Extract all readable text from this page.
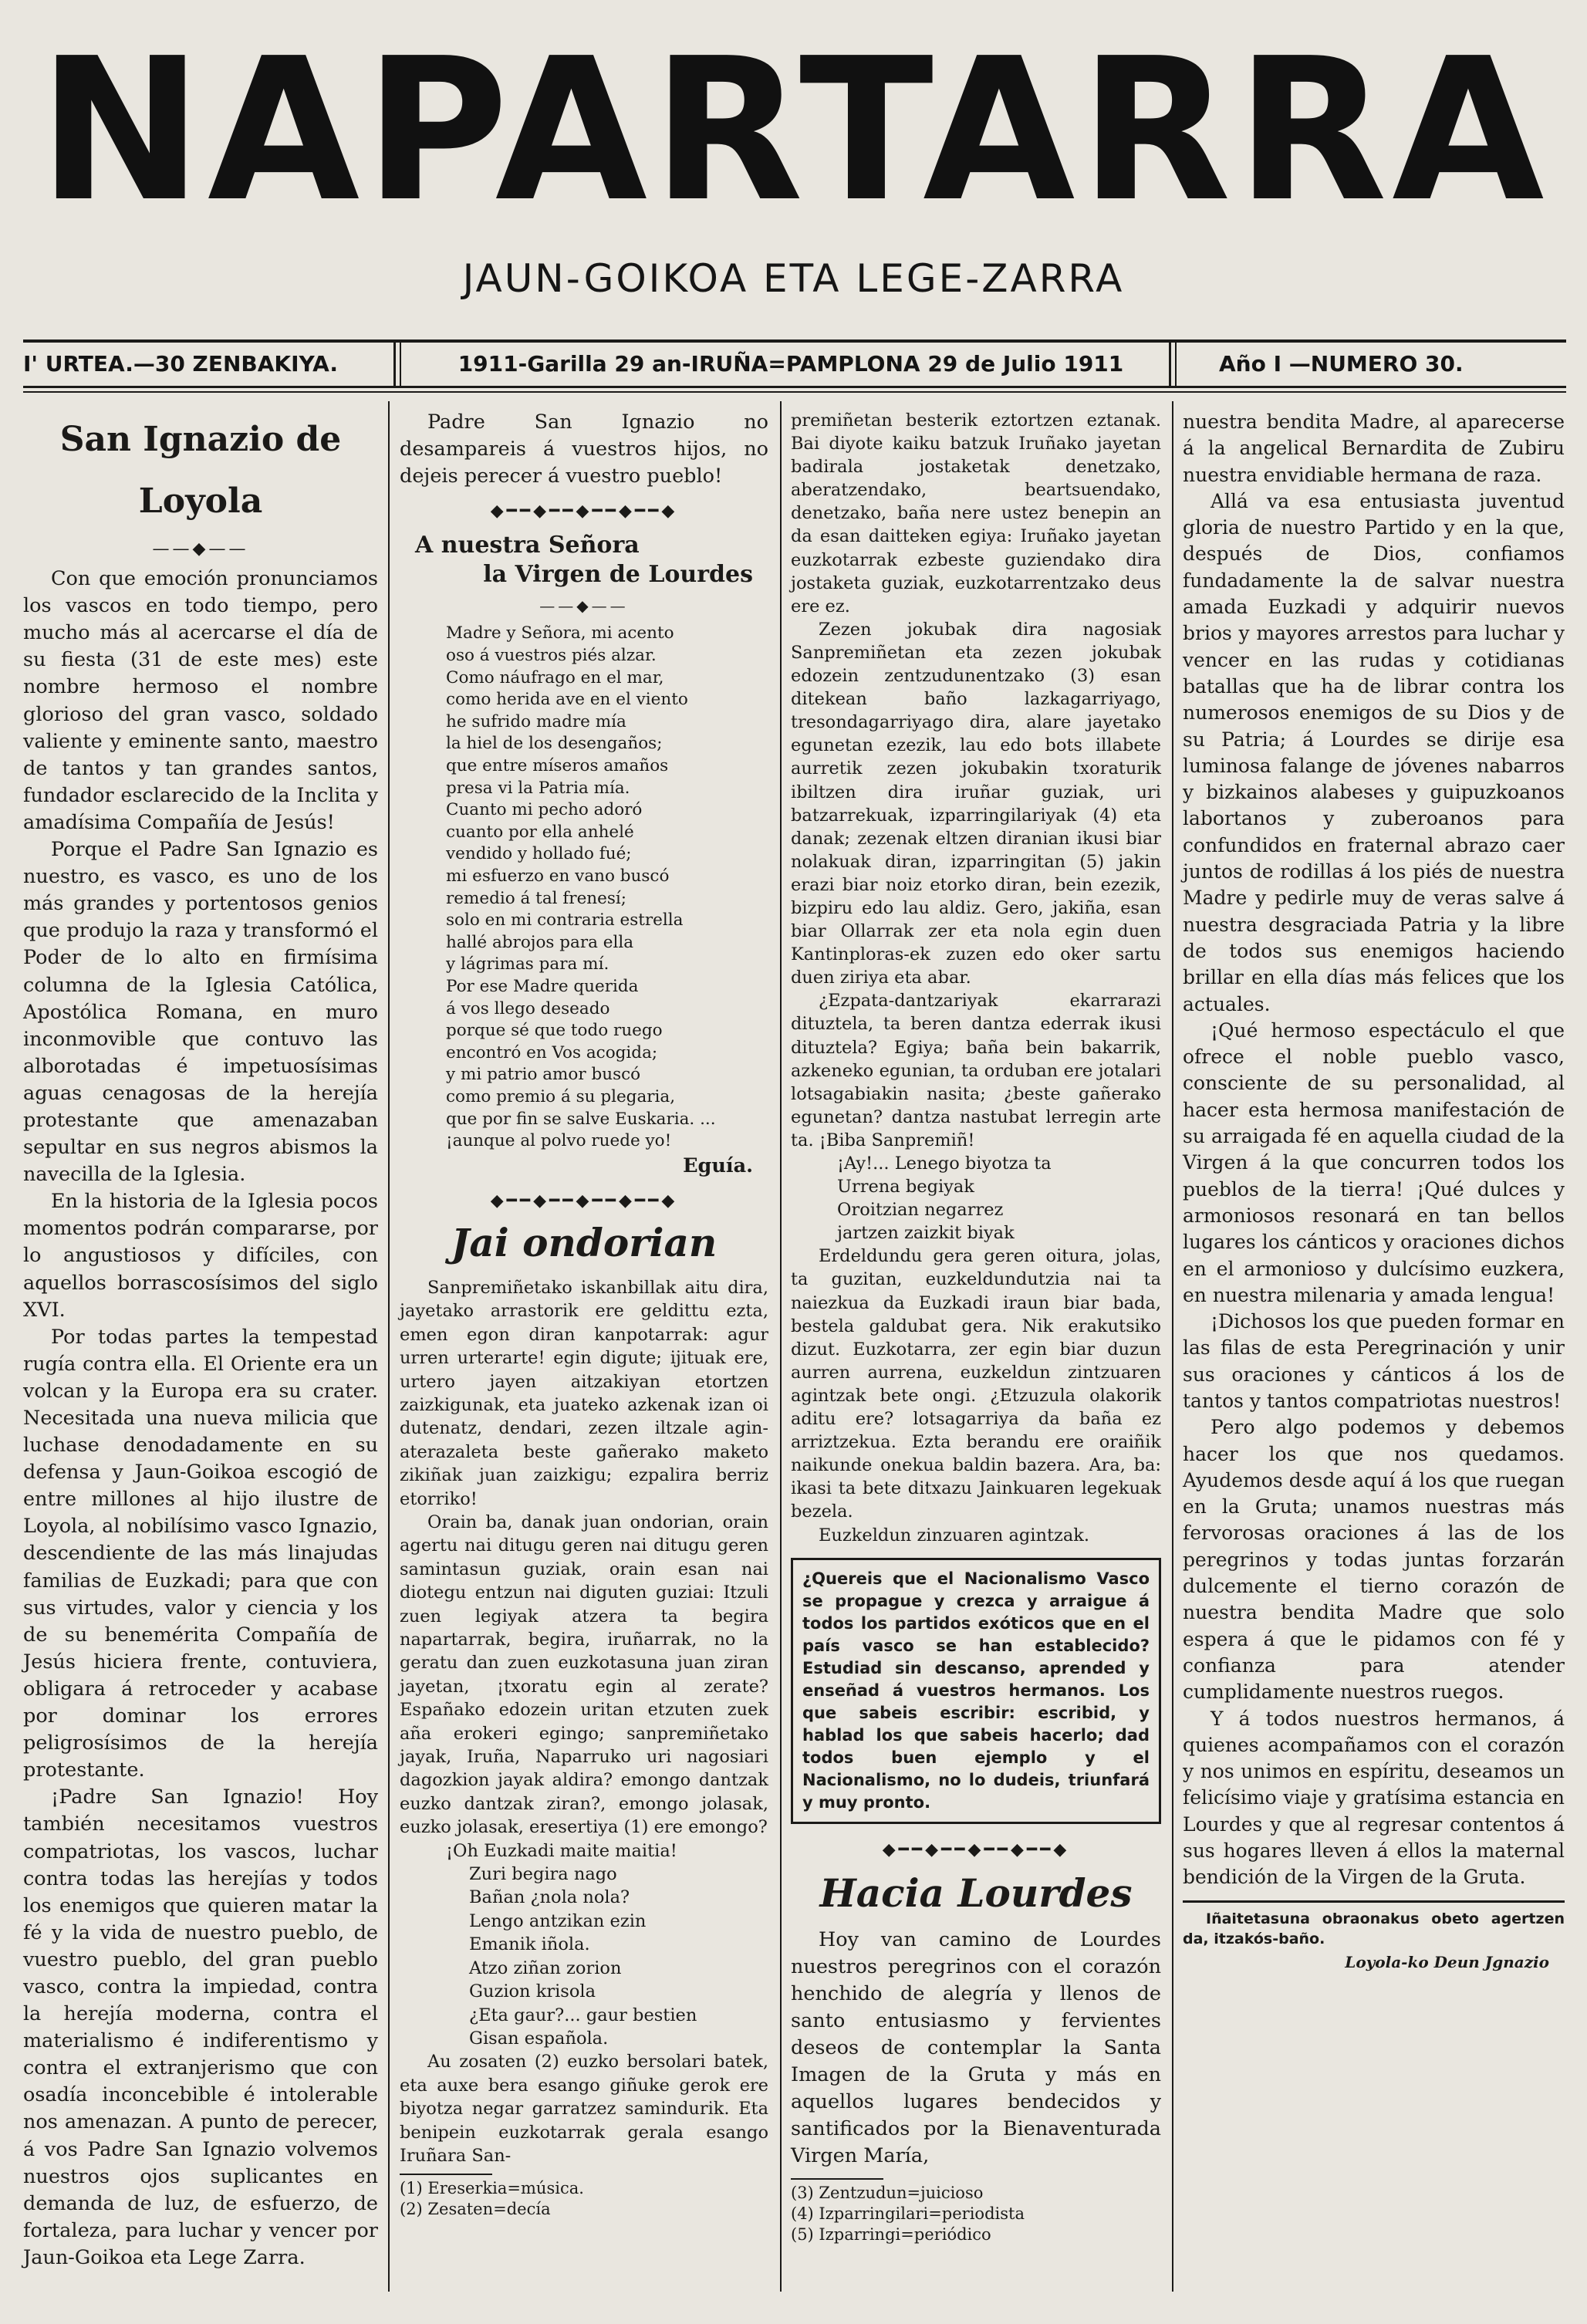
NAPARTARRA
JAUN-GOIKOA ETA LEGE-ZARRA
I' URTEA.—30 ZENBAKIYA.	1911-Garilla 29 an-IRUÑA=PAMPLONA 29 de Julio 1911	Año I —NUMERO 30.
San Ignazio de Loyola
——◆——

Con que emoción pronunciamos los vascos en todo tiempo, pero mucho más al acercarse el día de su fiesta (31 de este mes) este nombre hermoso el nombre glorioso del gran vasco, soldado valiente y eminente santo, maestro de tantos y tan grandes santos, fundador esclarecido de la Inclita y amadísima Compañía de Jesús!

Porque el Padre San Ignazio es nuestro, es vasco, es uno de los más grandes y portentosos genios que produjo la raza y transformó el Poder de lo alto en firmísima columna de la Iglesia Católica, Apostólica Romana, en muro inconmovible que contuvo las alborotadas é impetuosísimas aguas cenagosas de la herejía protestante que amenazaban sepultar en sus negros abismos la navecilla de la Iglesia.

En la historia de la Iglesia pocos momentos podrán compararse, por lo angustiosos y difíciles, con aquellos borrascosísimos del siglo XVI.

Por todas partes la tempestad rugía contra ella. El Oriente era un volcan y la Europa era su crater. Necesitada una nueva milicia que luchase denodadamente en su defensa y Jaun-Goikoa escogió de entre millones al hijo ilustre de Loyola, al nobilísimo vasco Ignazio, descendiente de las más linajudas familias de Euzkadi; para que con sus virtudes, valor y ciencia y los de su benemérita Compañía de Jesús hiciera frente, contuviera, obligara á retroceder y acabase por dominar los errores peligrosísimos de la herejía protestante.

¡Padre San Ignazio! Hoy también necesitamos vuestros compatriotas, los vascos, luchar contra todas las herejías y todos los enemigos que quieren matar la fé y la vida de nuestro pueblo, de vuestro pueblo, del gran pueblo vasco, contra la impiedad, contra la herejía moderna, contra el materialismo é indiferentismo y contra el extranjerismo que con osadía inconcebible é intolerable nos amenazan. A punto de perecer, á vos Padre San Ignazio volvemos nuestros ojos suplicantes en demanda de luz, de esfuerzo, de fortaleza, para luchar y vencer por Jaun-Goikoa eta Lege Zarra.

Padre San Ignazio no desampareis á vuestros hijos, no dejeis perecer á vuestro pueblo!

◆━━◆━━◆━━◆━━◆
A nuestra Señora
la Virgen de Lourdes
——◆——

Madre y Señora, mi acento

oso á vuestros piés alzar.

Como náufrago en el mar,

como herida ave en el viento

he sufrido madre mía

la hiel de los desengaños;

que entre míseros amaños

presa vi la Patria mía.

Cuanto mi pecho adoró

cuanto por ella anhelé

vendido y hollado fué;

mi esfuerzo en vano buscó

remedio á tal frenesí;

solo en mi contraria estrella

hallé abrojos para ella

y lágrimas para mí.

Por ese Madre querida

á vos llego deseado

porque sé que todo ruego

encontró en Vos acogida;

y mi patrio amor buscó

como premio á su plegaria,

que por fin se salve Euskaria. ...

¡aunque al polvo ruede yo!

Eguía.

◆━━◆━━◆━━◆━━◆
Jai ondorian

Sanpremiñetako iskanbillak aitu dira, jayetako arrastorik ere geldittu ezta, emen egon diran kanpotarrak: agur urren urterarte! egin digute; ijituak ere, urtero jayen aitzakiyan etortzen zaizkigunak, eta juateko azkenak izan oi dutenatz, dendari, zezen iltzale agin-aterazaleta beste gañerako maketo zikiñak juan zaizkigu; ezpalira berriz etorriko!

Orain ba, danak juan ondorian, orain agertu nai ditugu geren nai ditugu geren samintasun guziak, orain esan nai diotegu entzun nai diguten guziai: Itzuli zuen legiyak atzera ta begira napartarrak, begira, iruñarrak, no la geratu dan zuen euzkotasuna juan ziran jayetan, ¡txoratu egin al zerate? Españako edozein uritan etzuten zuek aña erokeri egingo; sanpremiñetako jayak, Iruña, Naparruko uri nagosiari dagozkion jayak aldira? emongo dantzak euzko dantzak ziran?, emongo jolasak, euzko jolasak, eresertiya (1) ere emongo?

¡Oh Euzkadi maite maitia!

Zuri begira nago

Bañan ¿nola nola?

Lengo antzikan ezin

Emanik iñola.

Atzo ziñan zorion

Guzion krisola

¿Eta gaur?... gaur bestien

Gisan española.

Au zosaten (2) euzko bersolari batek, eta auxe bera esango giñuke gerok ere biyotza negar garratzez samindurik. Eta benipein euzkotarrak gerala esango Iruñara San-

(1) Ereserkia=música.

(2) Zesaten=decía

premiñetan besterik eztortzen eztanak. Bai diyote kaiku batzuk Iruñako jayetan badirala jostaketak denetzako, aberatzendako, beartsuendako, denetzako, baña nere ustez benepin an da esan daitteken egiya: Iruñako jayetan euzkotarrak ezbeste guziendako dira jostaketa guziak, euzkotarrentzako deus ere ez.

Zezen jokubak dira nagosiak Sanpremiñetan eta zezen jokubak edozein zentzudunentzako (3) esan ditekean baño lazkagarriyago, tresondagarriyago dira, alare jayetako egunetan ezezik, lau edo bots illabete aurretik zezen jokubakin txoraturik ibiltzen dira iruñar guziak, uri batzarrekuak, izparringilariyak (4) eta danak; zezenak eltzen diranian ikusi biar nolakuak diran, izparringitan (5) jakin erazi biar noiz etorko diran, bein ezezik, bizpiru edo lau aldiz. Gero, jakiña, esan biar Ollarrak zer eta nola egin duen Kantinploras-ek zuzen edo oker sartu duen ziriya eta abar.

¿Ezpata-dantzariyak ekarrarazi dituztela, ta beren dantza ederrak ikusi dituztela? Egiya; baña bein bakarrik, azkeneko egunian, ta orduban ere jotalari lotsagabiakin nasita; ¿beste gañerako egunetan? dantza nastubat lerregin arte ta. ¡Biba Sanpremiñ!

¡Ay!... Lenego biyotza ta

Urrena begiyak

Oroitzian negarrez

jartzen zaizkit biyak

Erdeldundu gera geren oitura, jolas, ta guzitan, euzkeldundutzia nai ta naiezkua da Euzkadi iraun biar bada, bestela galdubat gera. Nik erakutsiko dizut. Euzkotarra, zer egin biar duzun aurren aurrena, euzkeldun zintzuaren agintzak bete ongi. ¿Etzuzula olakorik aditu ere? lotsagarriya da baña ez arriztzekua. Ezta berandu ere oraiñik naikunde onekua baldin bazera. Ara, ba: ikasi ta bete ditxazu Jainkuaren legekuak bezela.

Euzkeldun zinzuaren agintzak.

¿Quereis que el Nacionalismo Vasco se propague y crezca y arraigue á todos los partidos exóticos que en el país vasco se han establecido? Estudiad sin descanso, aprended y enseñad á vuestros hermanos. Los que sabeis escribir: escribid, y hablad los que sabeis hacerlo; dad todos buen ejemplo y el Nacionalismo, no lo dudeis, triunfará y muy pronto.

◆━━◆━━◆━━◆━━◆
Hacia Lourdes

Hoy van camino de Lourdes nuestros peregrinos con el corazón henchido de alegría y llenos de santo entusiasmo y fervientes deseos de contemplar la Santa Imagen de la Gruta y más en aquellos lugares bendecidos y santificados por la Bienaventurada Virgen María,

(3) Zentzudun=juicioso

(4) Izparringilari=periodista

(5) Izparringi=periódico

nuestra bendita Madre, al aparecerse á la angelical Bernardita de Zubiru nuestra envidiable hermana de raza.

Allá va esa entusiasta juventud gloria de nuestro Partido y en la que, después de Dios, confiamos fundadamente la de salvar nuestra amada Euzkadi y adquirir nuevos brios y mayores arrestos para luchar y vencer en las rudas y cotidianas batallas que ha de librar contra los numerosos enemigos de su Dios y de su Patria; á Lourdes se dirije esa luminosa falange de jóvenes nabarros y bizkainos alabeses y guipuzkoanos labortanos y zuberoanos para confundidos en fraternal abrazo caer juntos de rodillas á los piés de nuestra Madre y pedirle muy de veras salve á nuestra desgraciada Patria y la libre de todos sus enemigos haciendo brillar en ella días más felices que los actuales.

¡Qué hermoso espectáculo el que ofrece el noble pueblo vasco, consciente de su personalidad, al hacer esta hermosa manifestación de su arraigada fé en aquella ciudad de la Virgen á la que concurren todos los pueblos de la tierra! ¡Qué dulces y armoniosos resonará en tan bellos lugares los cánticos y oraciones dichos en el armonioso y dulcísimo euzkera, en nuestra milenaria y amada lengua!

¡Dichosos los que pueden formar en las filas de esta Peregrinación y unir sus oraciones y cánticos á los de tantos y tantos compatriotas nuestros!

Pero algo podemos y debemos hacer los que nos quedamos. Ayudemos desde aquí á los que ruegan en la Gruta; unamos nuestras más fervorosas oraciones á las de los peregrinos y todas juntas forzarán dulcemente el tierno corazón de nuestra bendita Madre que solo espera á que le pidamos con fé y confianza para atender cumplidamente nuestros ruegos.

Y á todos nuestros hermanos, á quienes acompañamos con el corazón y nos unimos en espíritu, deseamos un felicísimo viaje y gratísima estancia en Lourdes y que al regresar contentos á sus hogares lleven á ellos la maternal bendición de la Virgen de la Gruta.

Iñaitetasuna obraonakus obeto agertzen da, itzakós-baño.

Loyola-ko Deun Jgnazio
